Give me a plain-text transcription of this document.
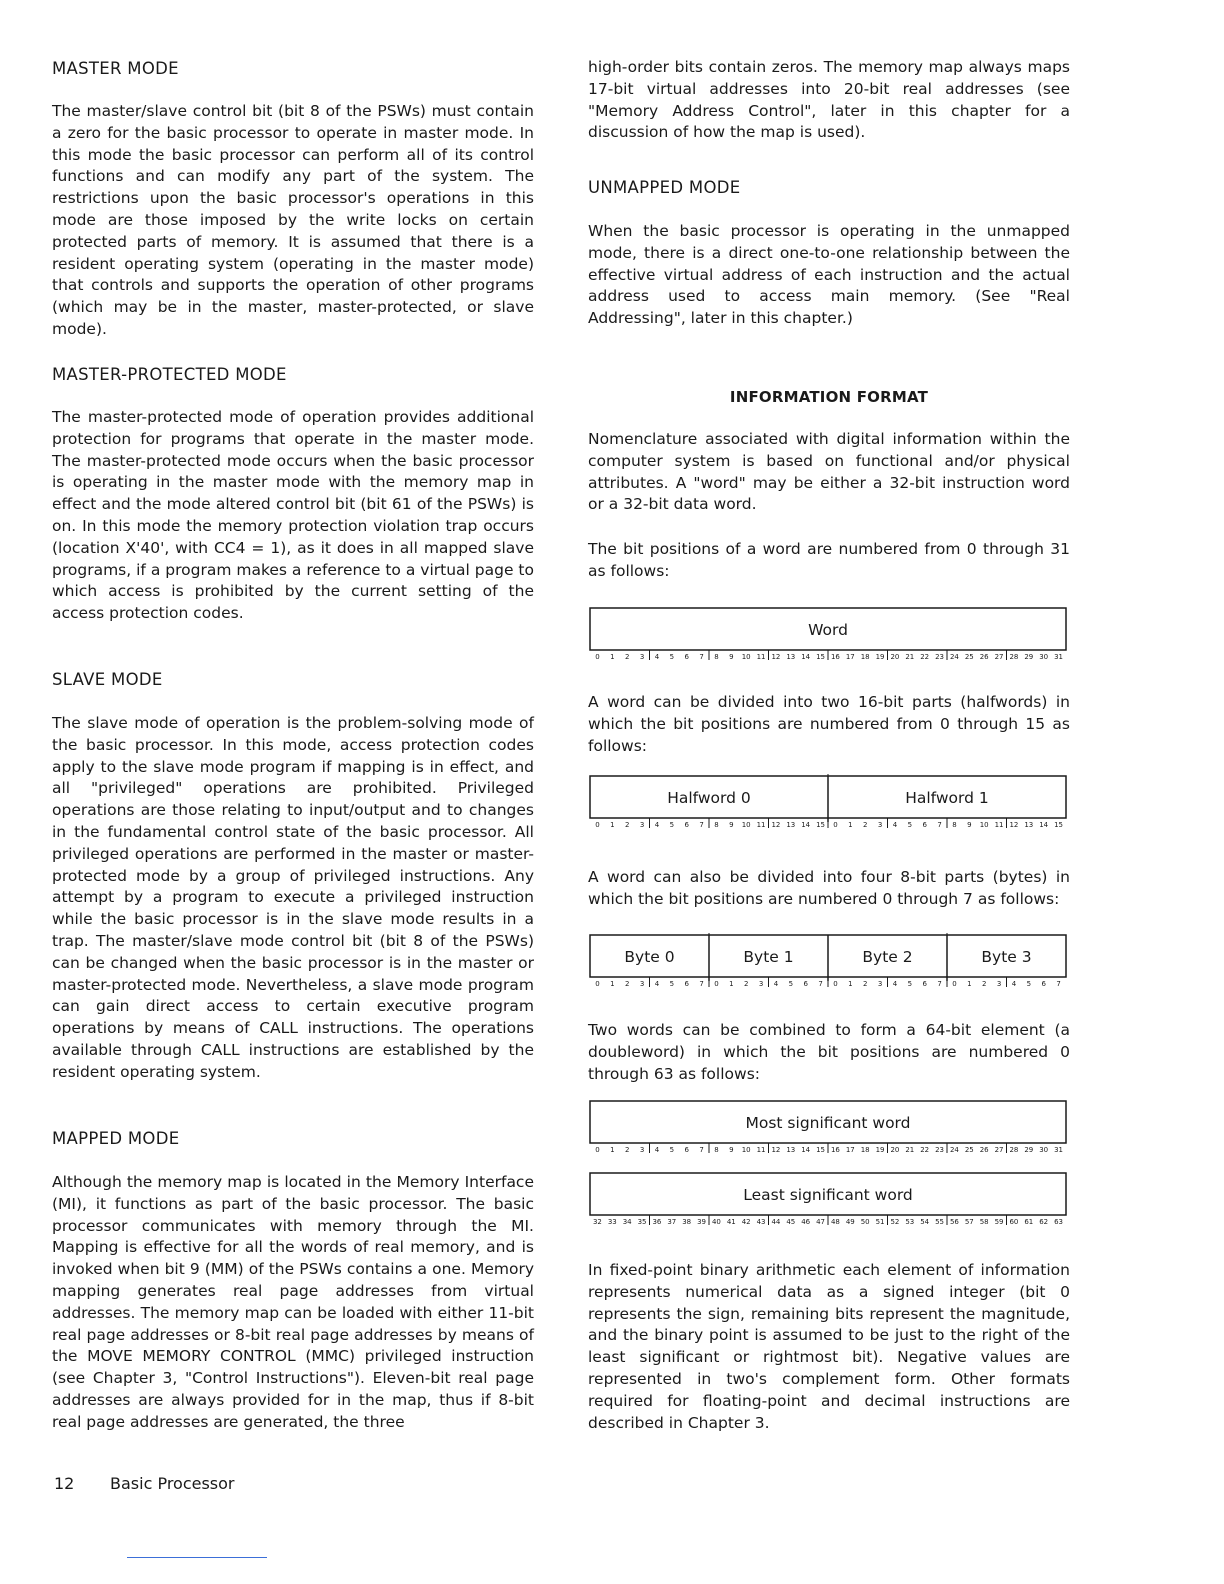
MASTER MODE

The master/slave control bit (bit 8 of the PSWs) must contain a zero for the basic processor to operate in master mode. In this mode the basic processor can perform all of its control functions and can modify any part of the system. The restrictions upon the basic processor's operations in this mode are those imposed by the write locks on certain protected parts of memory. It is assumed that there is a resident operating system (operating in the master mode) that controls and supports the operation of other programs (which may be in the master, master-protected, or slave mode).

MASTER-PROTECTED MODE

The master-protected mode of operation provides additional protection for programs that operate in the master mode. The master-protected mode occurs when the basic processor is operating in the master mode with the memory map in effect and the mode altered control bit (bit 61 of the PSWs) is on. In this mode the memory protection violation trap occurs (location X'40', with CC4 = 1), as it does in all mapped slave programs, if a program makes a reference to a virtual page to which access is prohibited by the current setting of the access protection codes.

SLAVE MODE

The slave mode of operation is the problem-solving mode of the basic processor. In this mode, access protection codes apply to the slave mode program if mapping is in effect, and all "privileged" operations are prohibited. Privileged operations are those relating to input/output and to changes in the fundamental control state of the basic processor. All privileged operations are performed in the master or master-protected mode by a group of privileged instructions. Any attempt by a program to execute a privileged instruction while the basic processor is in the slave mode results in a trap. The master/slave mode control bit (bit 8 of the PSWs) can be changed when the basic processor is in the master or master-protected mode. Nevertheless, a slave mode program can gain direct access to certain executive program operations by means of CALL instructions. The operations available through CALL instructions are established by the resident operating system.

MAPPED MODE

Although the memory map is located in the Memory Interface (MI), it functions as part of the basic processor. The basic processor communicates with memory through the MI. Mapping is effective for all the words of real memory, and is invoked when bit 9 (MM) of the PSWs contains a one. Memory mapping generates real page addresses from virtual addresses. The memory map can be loaded with either 11-bit real page addresses or 8-bit real page addresses by means of the MOVE MEMORY CONTROL (MMC) privileged instruction (see Chapter 3, "Control Instructions"). Eleven-bit real page addresses are always provided for in the map, thus if 8-bit real page addresses are generated, the three

high-order bits contain zeros. The memory map always maps 17-bit virtual addresses into 20-bit real addresses (see "Memory Address Control", later in this chapter for a discussion of how the map is used).

UNMAPPED MODE

When the basic processor is operating in the unmapped mode, there is a direct one-to-one relationship between the effective virtual address of each instruction and the actual address used to access main memory. (See "Real Addressing", later in this chapter.)

INFORMATION FORMAT

Nomenclature associated with digital information within the computer system is based on functional and/or physical attributes. A "word" may be either a 32-bit instruction word or a 32-bit data word.

The bit positions of a word are numbered from 0 through 31 as follows:

Word
0 1 2 3 4 5 6 7 8 9 10 11 12 13 14 15 16 17 18 19 20 21 22 23 24 25 26 27 28 29 30 31

A word can be divided into two 16-bit parts (halfwords) in which the bit positions are numbered from 0 through 15 as follows:

Halfword 0	Halfword 1
0 1 2 3 4 5 6 7 8 9 10 11 12 13 14 15 0 1 2 3 4 5 6 7 8 9 10 11 12 13 14 15

A word can also be divided into four 8-bit parts (bytes) in which the bit positions are numbered 0 through 7 as follows:

Byte 0	Byte 1	Byte 2	Byte 3
0 1 2 3 4 5 6 7 0 1 2 3 4 5 6 7 0 1 2 3 4 5 6 7 0 1 2 3 4 5 6 7

Two words can be combined to form a 64-bit element (a doubleword) in which the bit positions are numbered 0 through 63 as follows:

Most significant word
0 1 2 3 4 5 6 7 8 9 10 11 12 13 14 15 16 17 18 19 20 21 22 23 24 25 26 27 28 29 30 31
Least significant word
32 33 34 35 36 37 38 39 40 41 42 43 44 45 46 47 48 49 50 51 52 53 54 55 56 57 58 59 60 61 62 63

In fixed-point binary arithmetic each element of information represents numerical data as a signed integer (bit 0 represents the sign, remaining bits represent the magnitude, and the binary point is assumed to be just to the right of the least significant or rightmost bit). Negative values are represented in two's complement form. Other formats required for floating-point and decimal instructions are described in Chapter 3.

12 Basic Processor
